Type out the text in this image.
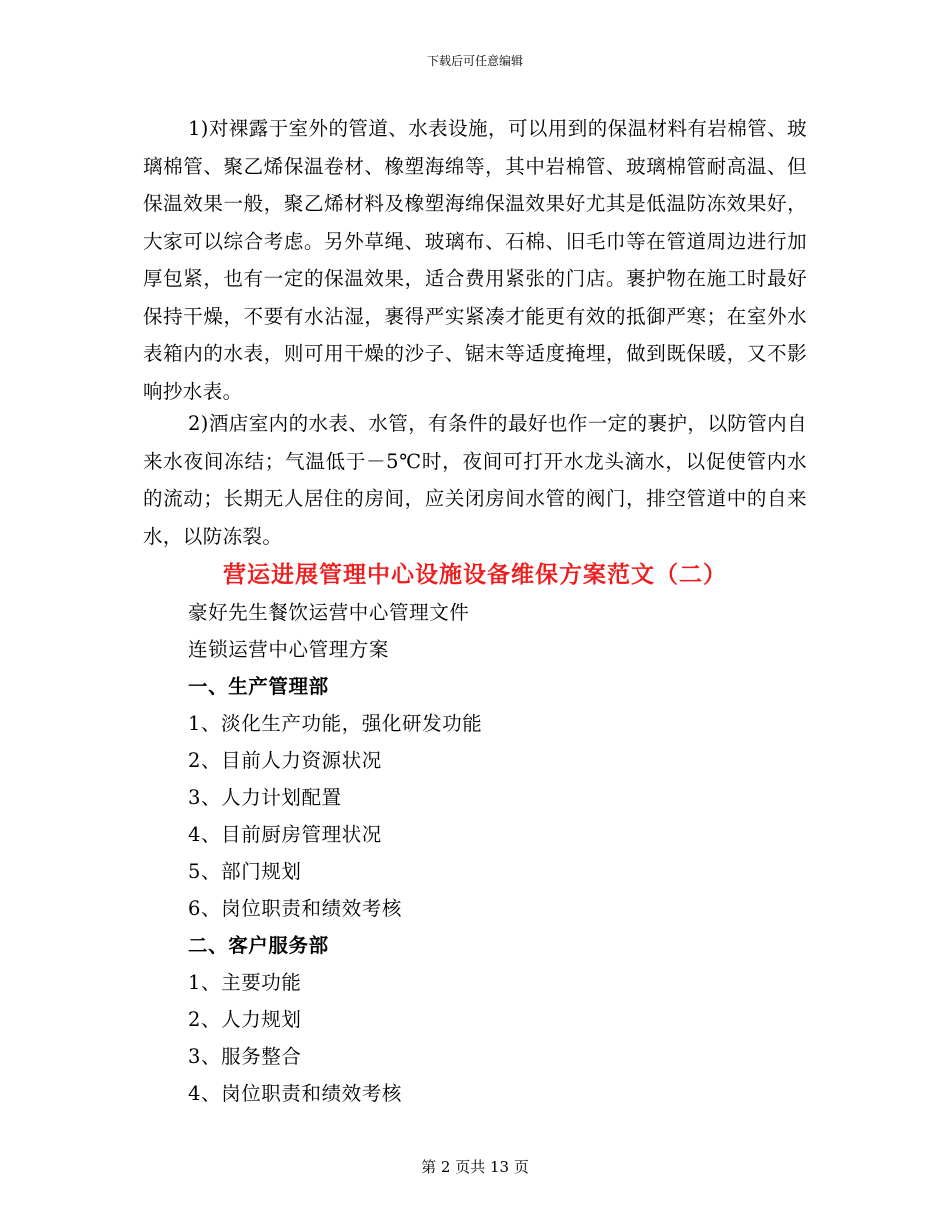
下载后可任意编辑

1)对裸露于室外的管道、水表设施，可以用到的保温材料有岩棉管、玻璃棉管、聚乙烯保温卷材、橡塑海绵等，其中岩棉管、玻璃棉管耐高温、但保温效果一般，聚乙烯材料及橡塑海绵保温效果好尤其是低温防冻效果好，大家可以综合考虑。另外草绳、玻璃布、石棉、旧毛巾等在管道周边进行加厚包紧，也有一定的保温效果，适合费用紧张的门店。裹护物在施工时最好保持干燥，不要有水沾湿，裹得严实紧凑才能更有效的抵御严寒；在室外水表箱内的水表，则可用干燥的沙子、锯末等适度掩埋，做到既保暖，又不影响抄水表。

2)酒店室内的水表、水管，有条件的最好也作一定的裹护，以防管内自来水夜间冻结；气温低于－5℃时，夜间可打开水龙头滴水，以促使管内水的流动；长期无人居住的房间，应关闭房间水管的阀门，排空管道中的自来水，以防冻裂。

营运进展管理中心设施设备维保方案范文（二）
豪好先生餐饮运营中心管理文件
连锁运营中心管理方案
一、生产管理部
1、淡化生产功能，强化研发功能
2、目前人力资源状况
3、人力计划配置
4、目前厨房管理状况
5、部门规划
6、岗位职责和绩效考核
二、客户服务部
1、主要功能
2、人力规划
3、服务整合
4、岗位职责和绩效考核
第 2 页共 13 页
